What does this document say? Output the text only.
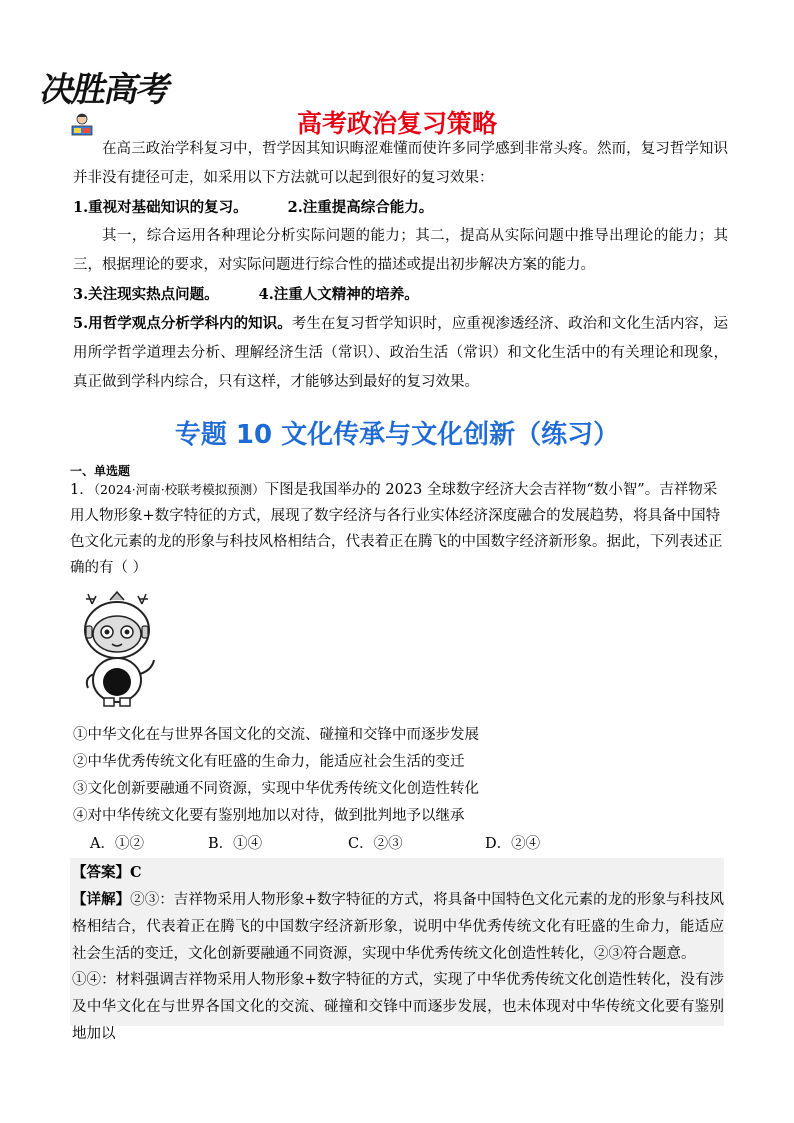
决胜高考
高考政治复习策略
在高三政治学科复习中，哲学因其知识晦涩难懂而使许多同学感到非常头疼。然而，复习哲学知识并非没有捷径可走，如采用以下方法就可以起到很好的复习效果：
1.重视对基础知识的复习。	2.注重提高综合能力。
其一，综合运用各种理论分析实际问题的能力；其二，提高从实际问题中推导出理论的能力；其三，根据理论的要求，对实际问题进行综合性的描述或提出初步解决方案的能力。
3.关注现实热点问题。	4.注重人文精神的培养。
5.用哲学观点分析学科内的知识。考生在复习哲学知识时，应重视渗透经济、政治和文化生活内容，运用所学哲学道理去分析、理解经济生活（常识）、政治生活（常识）和文化生活中的有关理论和现象，真正做到学科内综合，只有这样，才能够达到最好的复习效果。
专题 10 文化传承与文化创新（练习）
一、单选题
1．（2024·河南·校联考模拟预测）下图是我国举办的 2023 全球数字经济大会吉祥物“数小智”。吉祥物采用人物形象+数字特征的方式，展现了数字经济与各行业实体经济深度融合的发展趋势，将具备中国特色文化元素的龙的形象与科技风格相结合，代表着正在腾飞的中国数字经济新形象。据此，下列表述正确的有（ ）
①中华文化在与世界各国文化的交流、碰撞和交锋中而逐步发展
②中华优秀传统文化有旺盛的生命力，能适应社会生活的变迁
③文化创新要融通不同资源，实现中华优秀传统文化创造性转化
④对中华传统文化要有鉴别地加以对待，做到批判地予以继承
A．①②	B．①④	C．②③	D．②④
【答案】C
【详解】②③：吉祥物采用人物形象+数字特征的方式，将具备中国特色文化元素的龙的形象与科技风格相结合，代表着正在腾飞的中国数字经济新形象，说明中华优秀传统文化有旺盛的生命力，能适应社会生活的变迁，文化创新要融通不同资源，实现中华优秀传统文化创造性转化，②③符合题意。
①④：材料强调吉祥物采用人物形象+数字特征的方式，实现了中华优秀传统文化创造性转化，没有涉及中华文化在与世界各国文化的交流、碰撞和交锋中而逐步发展，也未体现对中华传统文化要有鉴别地加以
